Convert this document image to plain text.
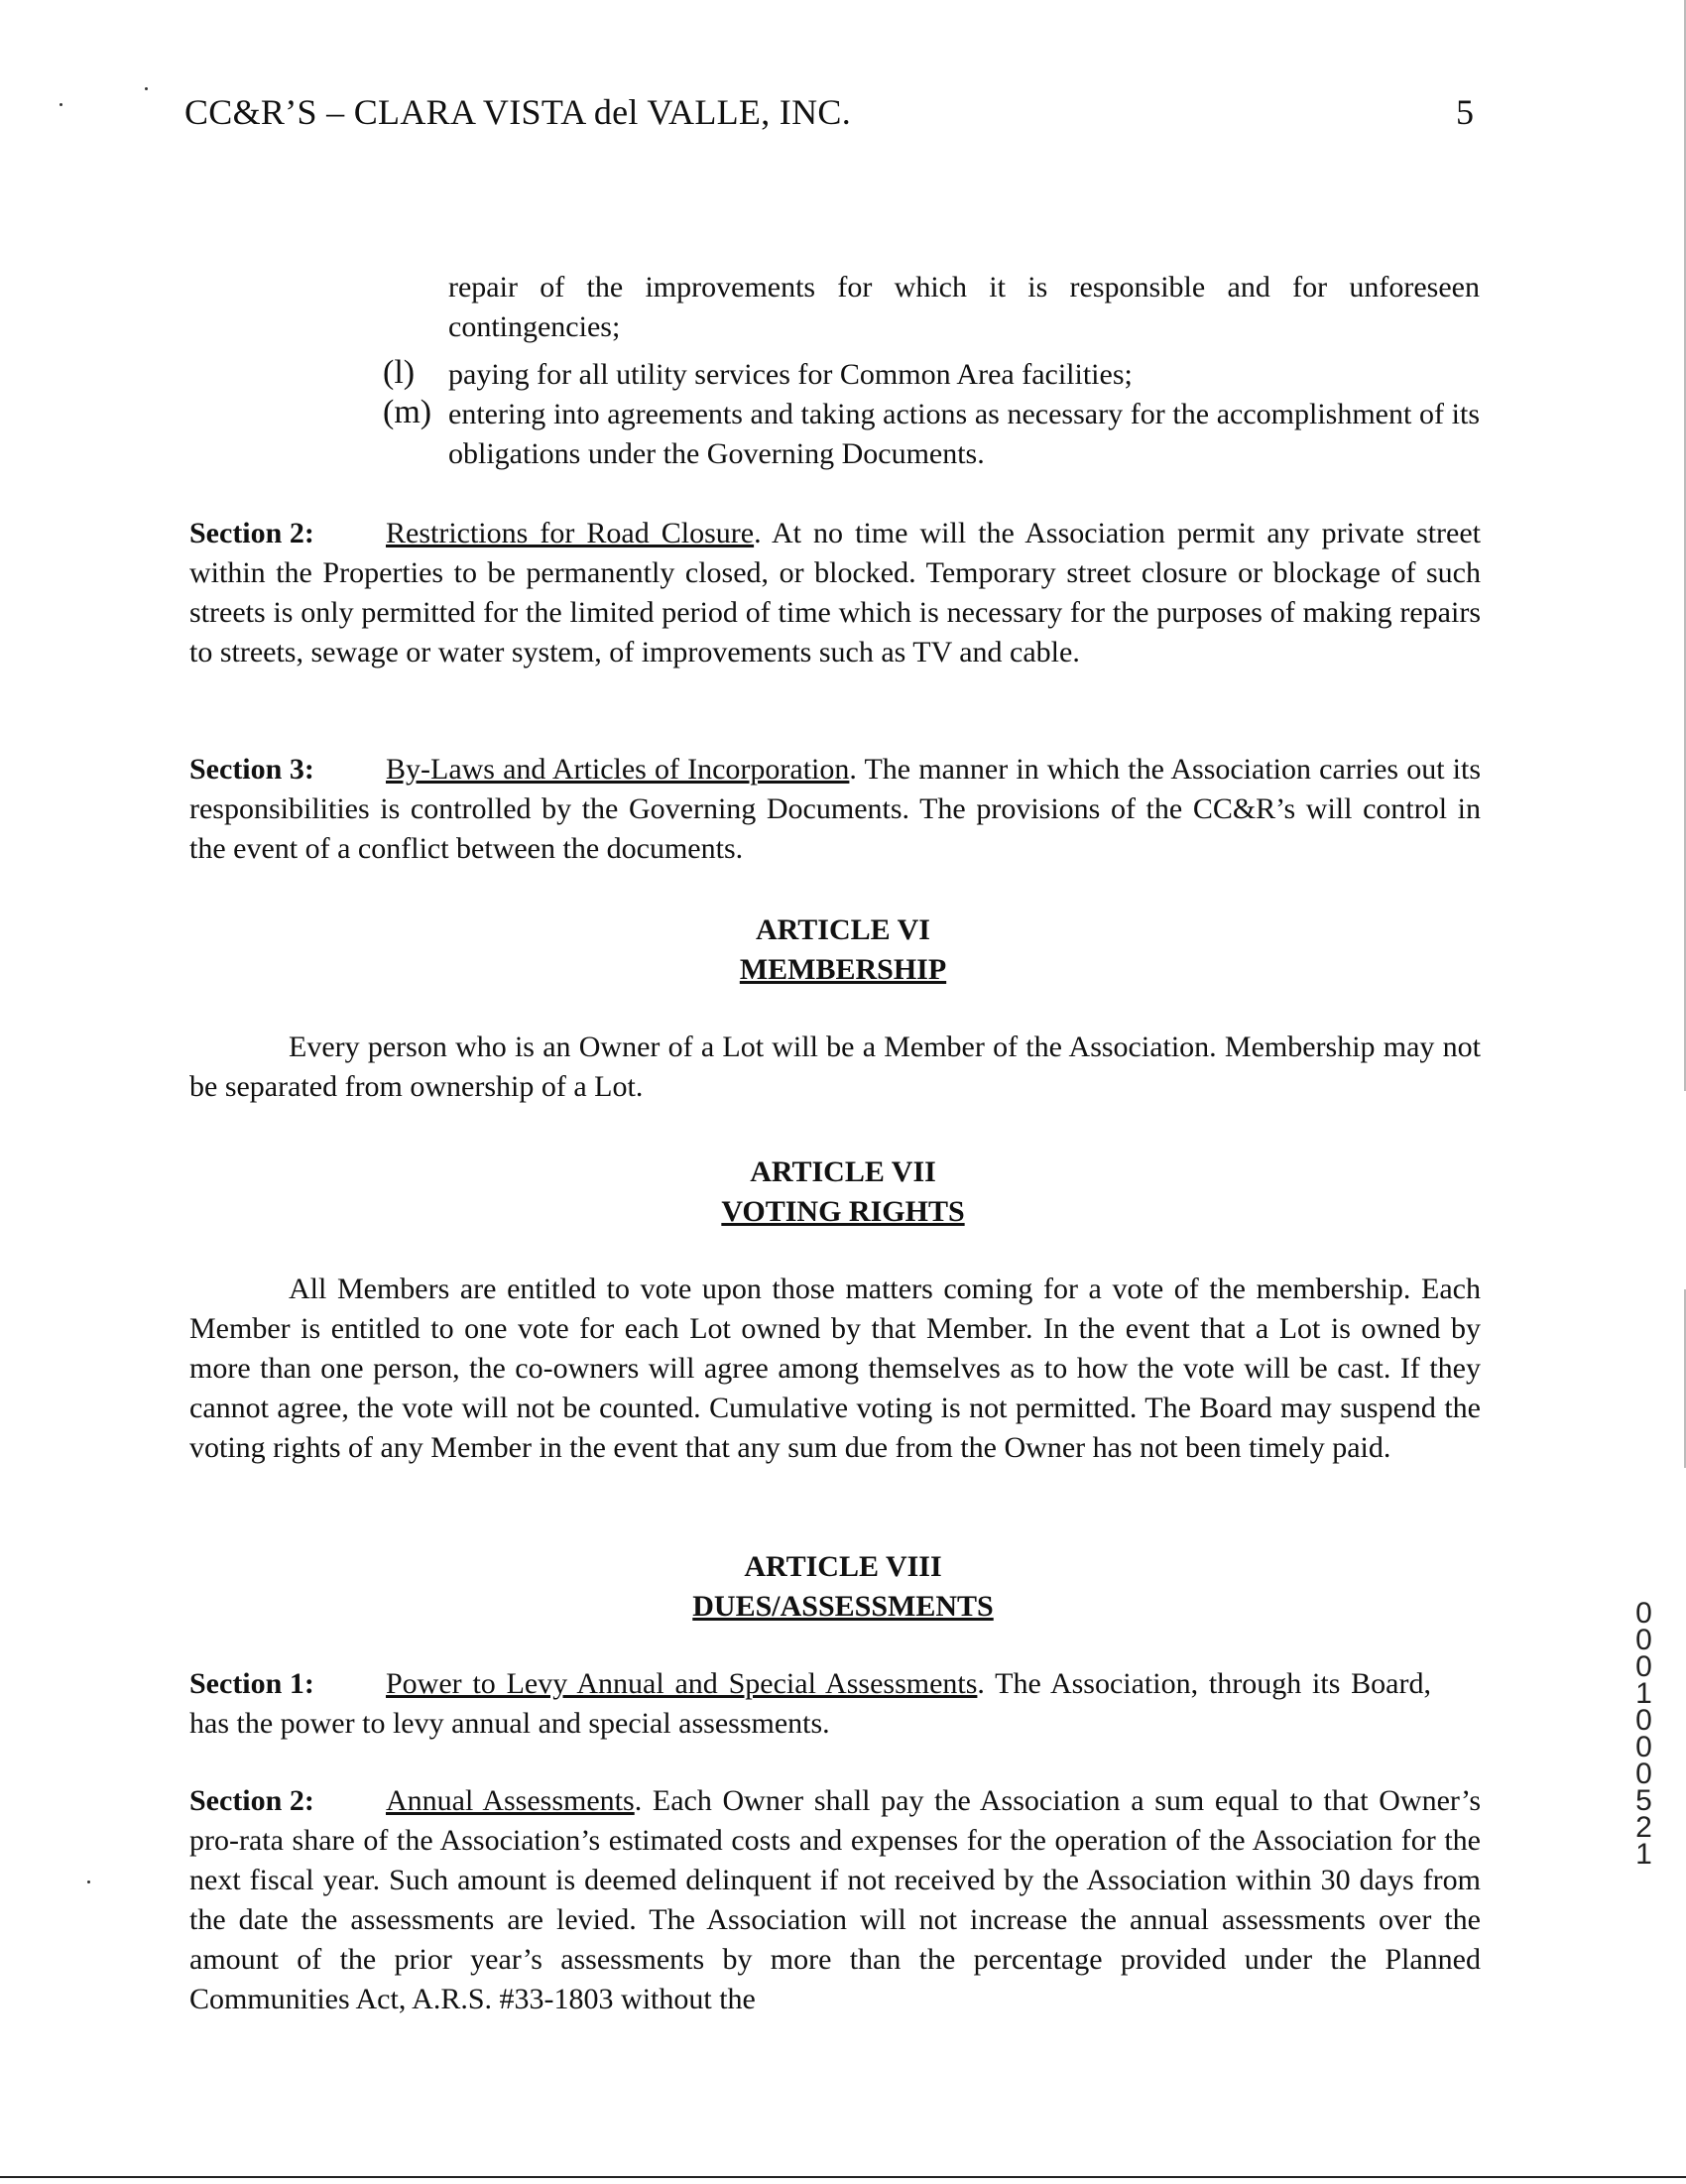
CC&R’S – CLARA VISTA del VALLE, INC.	5
repair of the improvements for which it is responsible and for unforeseen contingencies;
(l) paying for all utility services for Common Area facilities;
(m) entering into agreements and taking actions as necessary for the accomplishment of its obligations under the Governing Documents.
Section 2: Restrictions for Road Closure. At no time will the Association permit any private street within the Properties to be permanently closed, or blocked. Temporary street closure or blockage of such streets is only permitted for the limited period of time which is necessary for the purposes of making repairs to streets, sewage or water system, of improvements such as TV and cable.
Section 3: By-Laws and Articles of Incorporation. The manner in which the Association carries out its responsibilities is controlled by the Governing Documents. The provisions of the CC&R’s will control in the event of a conflict between the documents.
ARTICLE VI
MEMBERSHIP
Every person who is an Owner of a Lot will be a Member of the Association. Membership may not be separated from ownership of a Lot.
ARTICLE VII
VOTING RIGHTS
All Members are entitled to vote upon those matters coming for a vote of the membership. Each Member is entitled to one vote for each Lot owned by that Member. In the event that a Lot is owned by more than one person, the co-owners will agree among themselves as to how the vote will be cast. If they cannot agree, the vote will not be counted. Cumulative voting is not permitted. The Board may suspend the voting rights of any Member in the event that any sum due from the Owner has not been timely paid.
ARTICLE VIII
DUES/ASSESSMENTS
Section 1: Power to Levy Annual and Special Assessments. The Association, through its Board, has the power to levy annual and special assessments.
Section 2: Annual Assessments. Each Owner shall pay the Association a sum equal to that Owner’s pro-rata share of the Association’s estimated costs and expenses for the operation of the Association for the next fiscal year. Such amount is deemed delinquent if not received by the Association within 30 days from the date the assessments are levied. The Association will not increase the annual assessments over the amount of the prior year’s assessments by more than the percentage provided under the Planned Communities Act, A.R.S. #33-1803 without the
0001000521
